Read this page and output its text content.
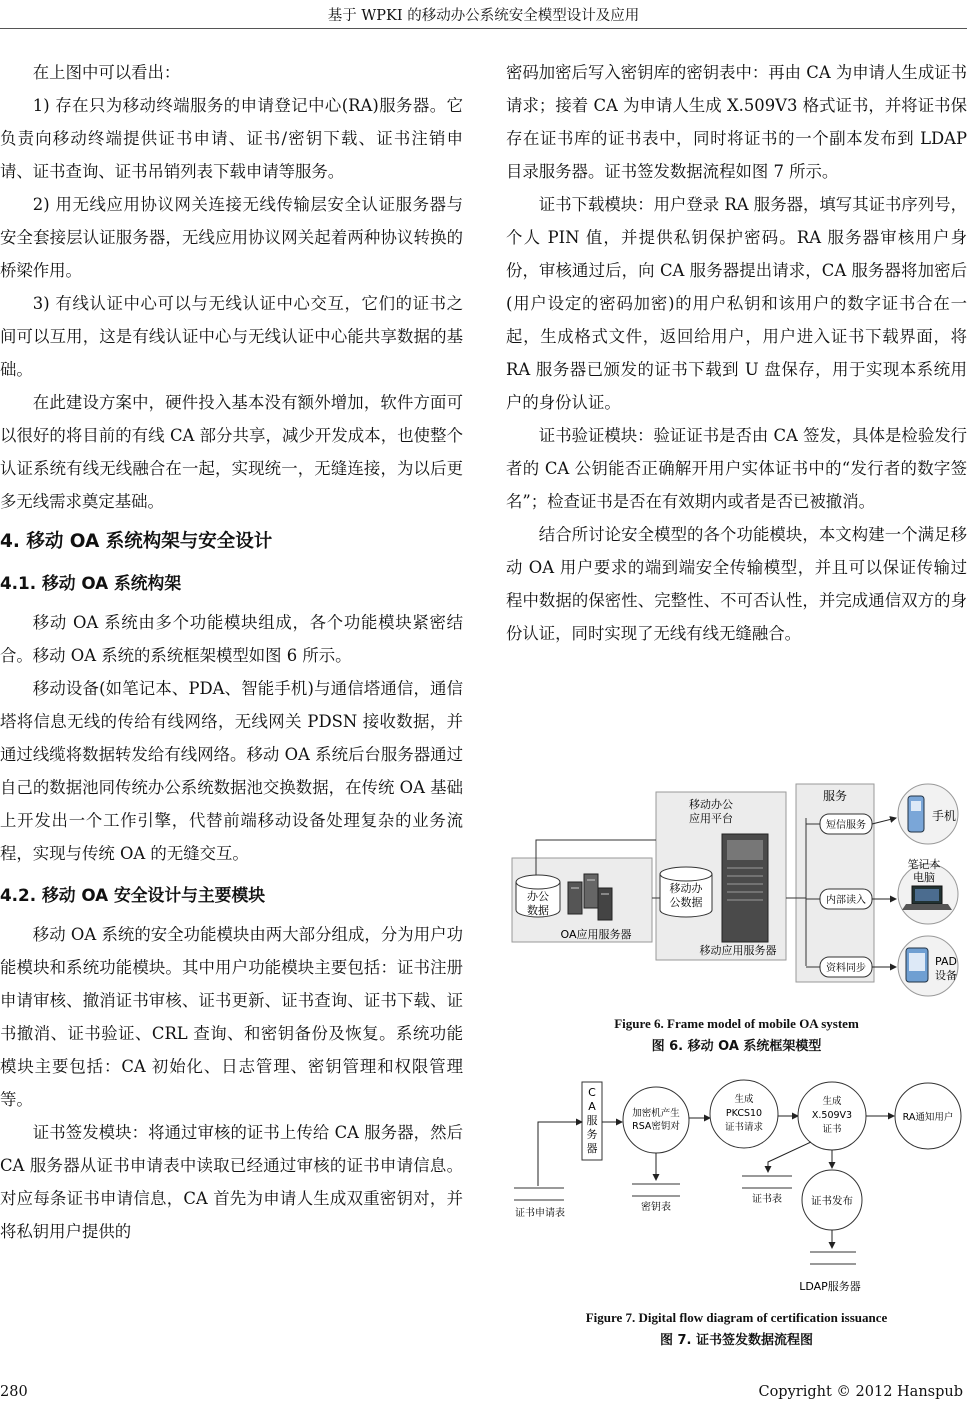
基于 WPKI 的移动办公系统安全模型设计及应用

在上图中可以看出：

1) 存在只为移动终端服务的申请登记中心(RA)服务器。它负责向移动终端提供证书申请、证书/密钥下载、证书注销申请、证书查询、证书吊销列表下载申请等服务。

2) 用无线应用协议网关连接无线传输层安全认证服务器与安全套接层认证服务器，无线应用协议网关起着两种协议转换的桥梁作用。

3) 有线认证中心可以与无线认证中心交互，它们的证书之间可以互用，这是有线认证中心与无线认证中心能共享数据的基础。

在此建设方案中，硬件投入基本没有额外增加，软件方面可以很好的将目前的有线 CA 部分共享，减少开发成本，也使整个认证系统有线无线融合在一起，实现统一，无缝连接，为以后更多无线需求奠定基础。

4. 移动 OA 系统构架与安全设计
4.1. 移动 OA 系统构架

移动 OA 系统由多个功能模块组成，各个功能模块紧密结合。移动 OA 系统的系统框架模型如图 6 所示。

移动设备(如笔记本、PDA、智能手机)与通信塔通信，通信塔将信息无线的传给有线网络，无线网关 PDSN 接收数据，并通过线缆将数据转发给有线网络。移动 OA 系统后台服务器通过自己的数据池同传统办公系统数据池交换数据，在传统 OA 基础上开发出一个工作引擎，代替前端移动设备处理复杂的业务流程，实现与传统 OA 的无缝交互。

4.2. 移动 OA 安全设计与主要模块

移动 OA 系统的安全功能模块由两大部分组成，分为用户功能模块和系统功能模块。其中用户功能模块主要包括：证书注册申请审核、撤消证书审核、证书更新、证书查询、证书下载、证书撤消、证书验证、CRL 查询、和密钥备份及恢复。系统功能模块主要包括：CA 初始化、日志管理、密钥管理和权限管理等。

证书签发模块：将通过审核的证书上传给 CA 服务器，然后 CA 服务器从证书申请表中读取已经通过审核的证书申请信息。对应每条证书申请信息，CA 首先为申请人生成双重密钥对，并将私钥用户提供的

密码加密后写入密钥库的密钥表中：再由 CA 为申请人生成证书请求；接着 CA 为申请人生成 X.509V3 格式证书，并将证书保存在证书库的证书表中，同时将证书的一个副本发布到 LDAP 目录服务器。证书签发数据流程如图 7 所示。

证书下载模块：用户登录 RA 服务器，填写其证书序列号，个人 PIN 值，并提供私钥保护密码。RA 服务器审核用户身份，审核通过后，向 CA 服务器提出请求，CA 服务器将加密后(用户设定的密码加密)的用户私钥和该用户的数字证书合在一起，生成格式文件，返回给用户，用户进入证书下载界面，将 RA 服务器已颁发的证书下载到 U 盘保存，用于实现本系统用户的身份认证。

证书验证模块：验证证书是否由 CA 签发，具体是检验发行者的 CA 公钥能否正确解开用户实体证书中的“发行者的数字签名”；检查证书是否在有效期内或者是否已被撤消。

结合所讨论安全模型的各个功能模块，本文构建一个满足移动 OA 用户要求的端到端安全传输模型，并且可以保证传输过程中数据的保密性、完整性、不可否认性，并完成通信双方的身份认证，同时实现了无线有线无缝融合。

办公
数据
OA应用服务器
移动办公
应用平台
移动办
公数据
移动应用服务器
服务
短信服务
内部读入
资料同步
手机
笔记本
电脑
PAD
设备
Figure 6. Frame model of mobile OA system
图 6. 移动 OA 系统框架模型
C
A
服
务
器
证书申请表
加密机产生
RSA密钥对
密钥表
生成
PKCS10
证书请求
生成
X.509V3
证书
证书表
RA通知用户
证书发布
LDAP服务器
Figure 7. Digital flow diagram of certification issuance
图 7. 证书签发数据流程图
280	Copyright © 2012 Hanspub
